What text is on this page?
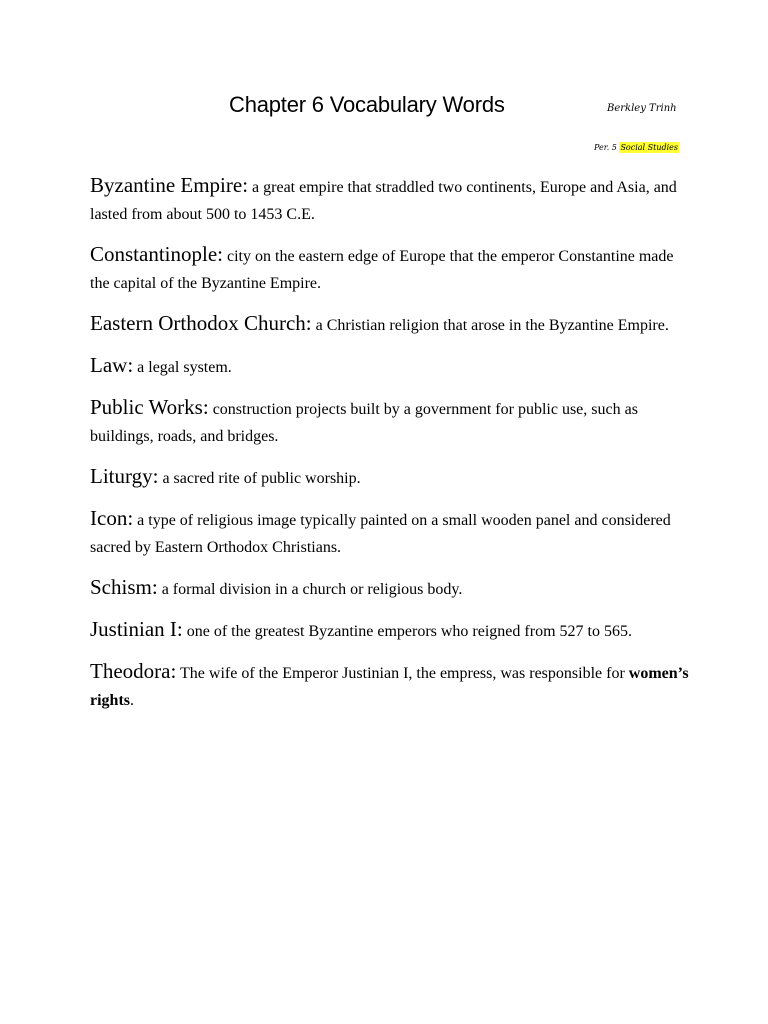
Chapter 6 Vocabulary Words	Berkley Trinh
Per. 5 Social Studies
Byzantine Empire: a great empire that straddled two continents, Europe and Asia, and lasted from about 500 to 1453 C.E.
Constantinople: city on the eastern edge of Europe that the emperor Constantine made the capital of the Byzantine Empire.
Eastern Orthodox Church: a Christian religion that arose in the Byzantine Empire.
Law: a legal system.
Public Works: construction projects built by a government for public use, such as buildings, roads, and bridges.
Liturgy: a sacred rite of public worship.
Icon: a type of religious image typically painted on a small wooden panel and considered sacred by Eastern Orthodox Christians.
Schism: a formal division in a church or religious body.
Justinian I: one of the greatest Byzantine emperors who reigned from 527 to 565.
Theodora: The wife of the Emperor Justinian I, the empress, was responsible for women’s rights.
